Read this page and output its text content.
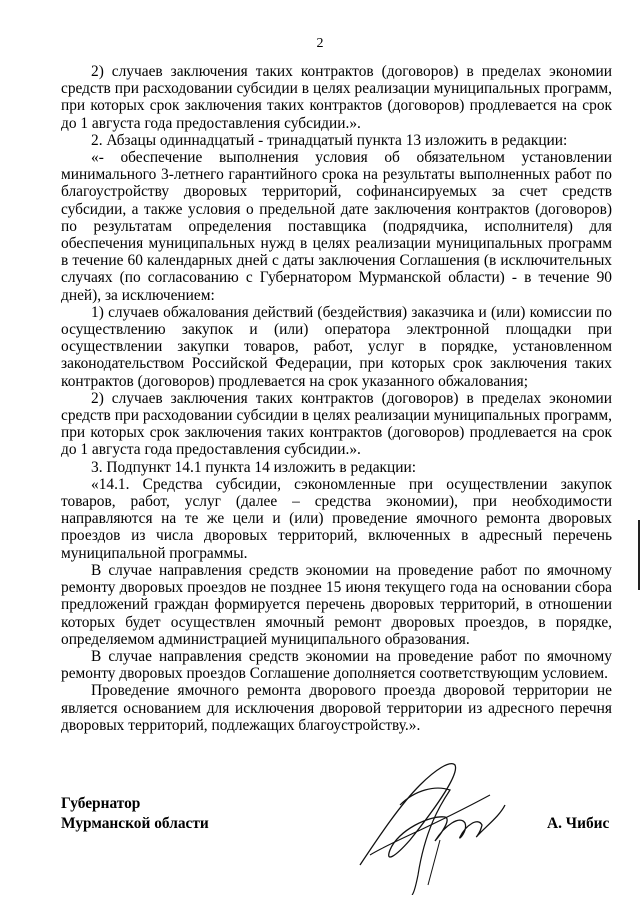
2

2) случаев заключения таких контрактов (договоров) в пределах экономии средств при расходовании субсидии в целях реализации муниципальных программ, при которых срок заключения таких контрактов (договоров) продлевается на срок до 1 августа года предоставления субсидии.».

2. Абзацы одиннадцатый - тринадцатый пункта 13 изложить в редакции:

«- обеспечение выполнения условия об обязательном установлении минимального 3-летнего гарантийного срока на результаты выполненных работ по благоустройству дворовых территорий, софинансируемых за счет средств субсидии, а также условия о предельной дате заключения контрактов (договоров) по результатам определения поставщика (подрядчика, исполнителя) для обеспечения муниципальных нужд в целях реализации муниципальных программ в течение 60 календарных дней с даты заключения Соглашения (в исключительных случаях (по согласованию с Губернатором Мурманской области) - в течение 90 дней), за исключением:

1) случаев обжалования действий (бездействия) заказчика и (или) комиссии по осуществлению закупок и (или) оператора электронной площадки при осуществлении закупки товаров, работ, услуг в порядке, установленном законодательством Российской Федерации, при которых срок заключения таких контрактов (договоров) продлевается на срок указанного обжалования;

2) случаев заключения таких контрактов (договоров) в пределах экономии средств при расходовании субсидии в целях реализации муниципальных программ, при которых срок заключения таких контрактов (договоров) продлевается на срок до 1 августа года предоставления субсидии.».

3. Подпункт 14.1 пункта 14 изложить в редакции:

«14.1. Средства субсидии, сэкономленные при осуществлении закупок товаров, работ, услуг (далее – средства экономии), при необходимости направляются на те же цели и (или) проведение ямочного ремонта дворовых проездов из числа дворовых территорий, включенных в адресный перечень муниципальной программы.

В случае направления средств экономии на проведение работ по ямочному ремонту дворовых проездов не позднее 15 июня текущего года на основании сбора предложений граждан формируется перечень дворовых территорий, в отношении которых будет осуществлен ямочный ремонт дворовых проездов, в порядке, определяемом администрацией муниципального образования.

В случае направления средств экономии на проведение работ по ямочному ремонту дворовых проездов Соглашение дополняется соответствующим условием.

Проведение ямочного ремонта дворового проезда дворовой территории не является основанием для исключения дворовой территории из адресного перечня дворовых территорий, подлежащих благоустройству.».

Губернатор
Мурманской области	А. Чибис
